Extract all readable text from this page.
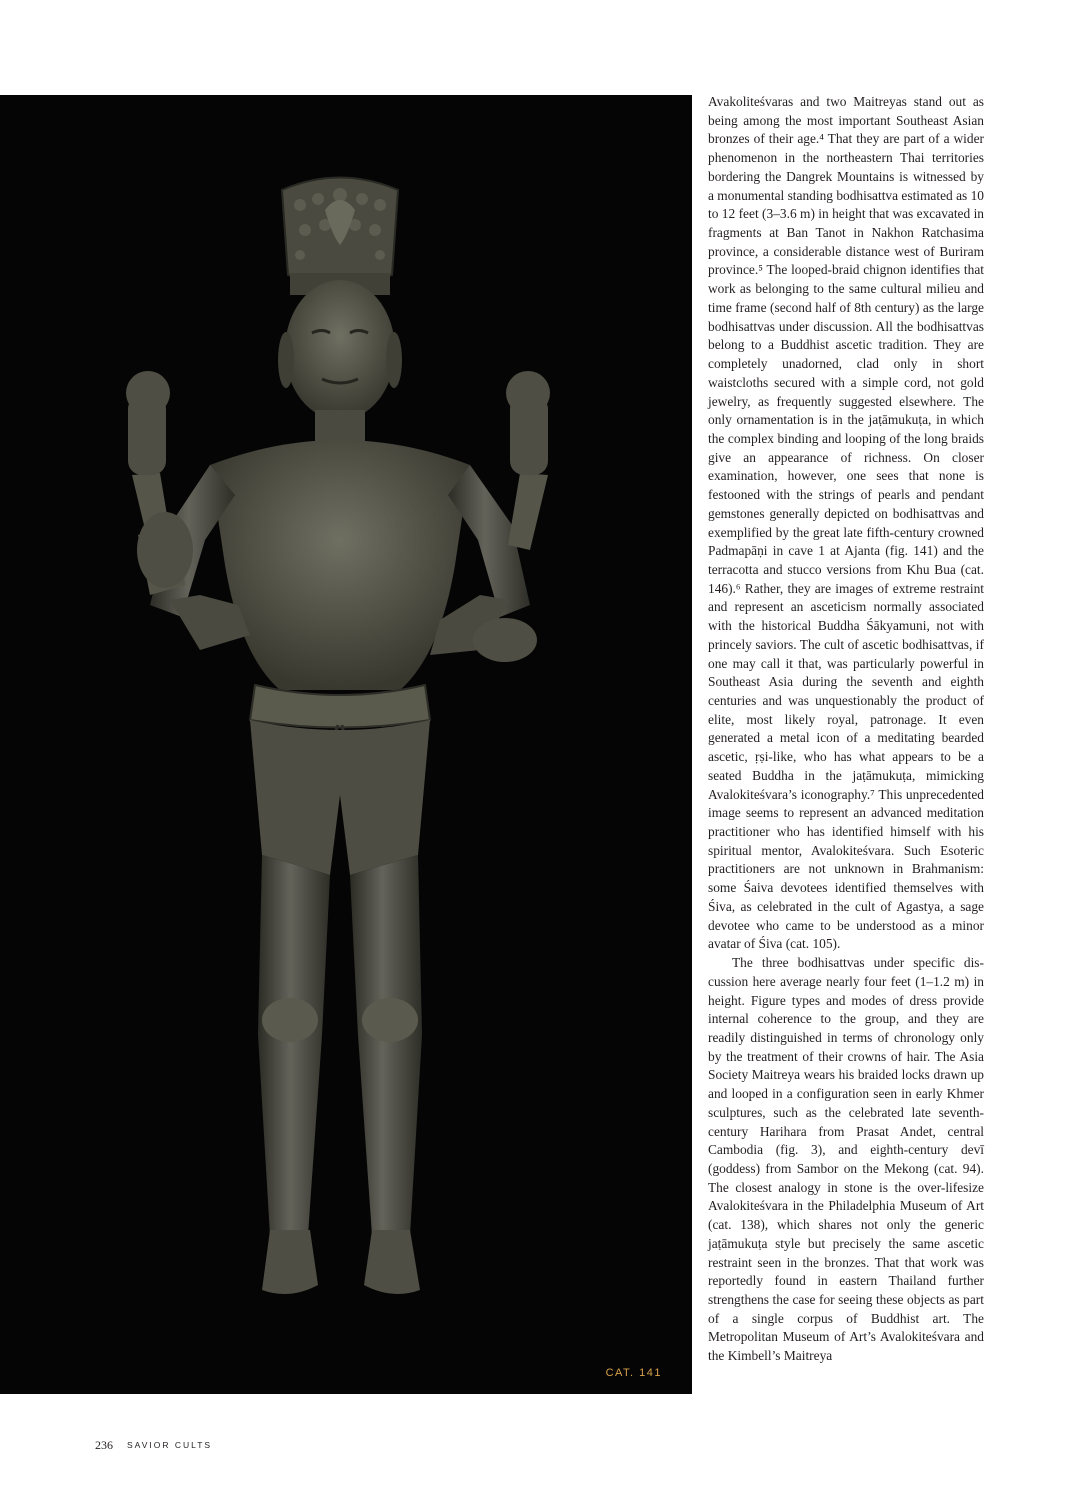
CAT. 141

Avakoliteśvaras and two Maitreyas stand out as being among the most important Southeast Asian bronzes of their age.⁴ That they are part of a wider phenomenon in the northeastern Thai territories bordering the Dangrek Mountains is witnessed by a monumental standing bodhisattva estimated as 10 to 12 feet (3–3.6 m) in height that was excavated in fragments at Ban Tanot in Nakhon Ratchasima province, a considerable distance west of Buriram province.⁵ The looped-braid chignon identifies that work as belonging to the same cultural milieu and time frame (second half of 8th century) as the large bodhisattvas under discussion. All the bodhisattvas belong to a Buddhist ascetic tradition. They are completely unadorned, clad only in short waistcloths secured with a simple cord, not gold jewelry, as frequently suggested elsewhere. The only ornamentation is in the jaṭāmukuṭa, in which the complex binding and looping of the long braids give an appearance of richness. On closer examination, however, one sees that none is festooned with the strings of pearls and pendant gemstones generally depicted on bodhisattvas and exemplified by the great late fifth-century crowned Padmapāṇi in cave 1 at Ajanta (fig. 141) and the terracotta and stucco versions from Khu Bua (cat. 146).⁶ Rather, they are images of extreme restraint and represent an asceticism normally associated with the historical Buddha Śākyamuni, not with princely saviors. The cult of ascetic bodhisattvas, if one may call it that, was particularly powerful in Southeast Asia during the seventh and eighth centuries and was unquestionably the product of elite, most likely royal, patronage. It even generated a metal icon of a meditating bearded ascetic, ṛṣi-like, who has what appears to be a seated Buddha in the jaṭāmukuṭa, mimicking Avalokiteśvara’s iconography.⁷ This unprecedented image seems to represent an advanced meditation practitioner who has identified himself with his spiritual mentor, Avalokiteśvara. Such Esoteric practitioners are not unknown in Brahmanism: some Śaiva devotees identified themselves with Śiva, as celebrated in the cult of Agastya, a sage devotee who came to be understood as a minor avatar of Śiva (cat. 105).

The three bodhisattvas under specific discussion here average nearly four feet (1–1.2 m) in height. Figure types and modes of dress provide internal coherence to the group, and they are readily distinguished in terms of chronology only by the treatment of their crowns of hair. The Asia Society Maitreya wears his braided locks drawn up and looped in a configuration seen in early Khmer sculptures, such as the celebrated late seventh-century Harihara from Prasat Andet, central Cambodia (fig. 3), and eighth-century devī (goddess) from Sambor on the Mekong (cat. 94). The closest analogy in stone is the over-lifesize Avalokiteśvara in the Philadelphia Museum of Art (cat. 138), which shares not only the generic jaṭāmukuṭa style but precisely the same ascetic restraint seen in the bronzes. That that work was reportedly found in eastern Thailand further strengthens the case for seeing these objects as part of a single corpus of Buddhist art. The Metropolitan Museum of Art’s Avalokiteśvara and the Kimbell’s Maitreya

236 SAVIOR CULTS
